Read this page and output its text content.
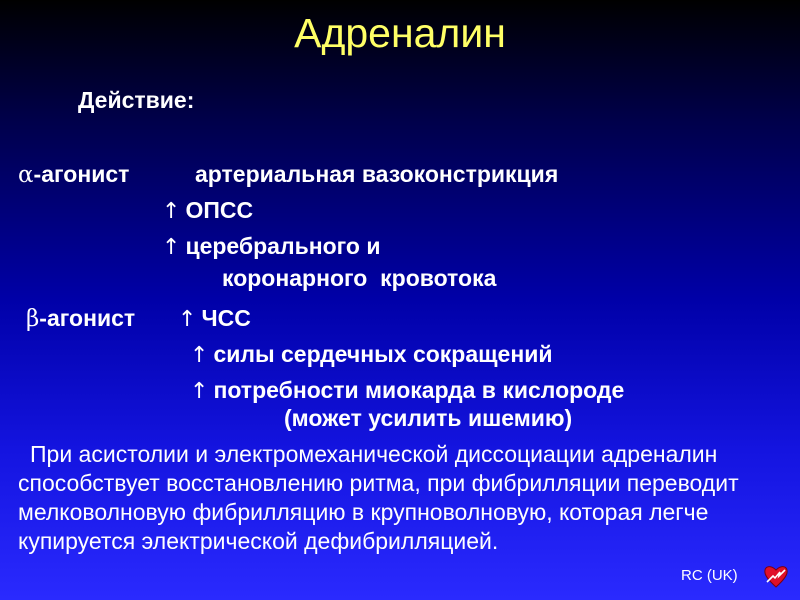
Адреналин
Действие:
α-агонист	артериальная вазоконстрикция
↑ ОПСС
↑ церебрального и
коронарного  кровотока
β-агонист ↑ ЧСС
↑ силы сердечных сокращений
↑ потребности миокарда в кислороде
(может усилить ишемию)
При асистолии и электромеханической диссоциации адреналин способствует восстановлению ритма, при фибрилляции переводит мелковолновую фибрилляцию в крупноволновую, которая легче купируется электрической дефибрилляцией.
RC (UK)
